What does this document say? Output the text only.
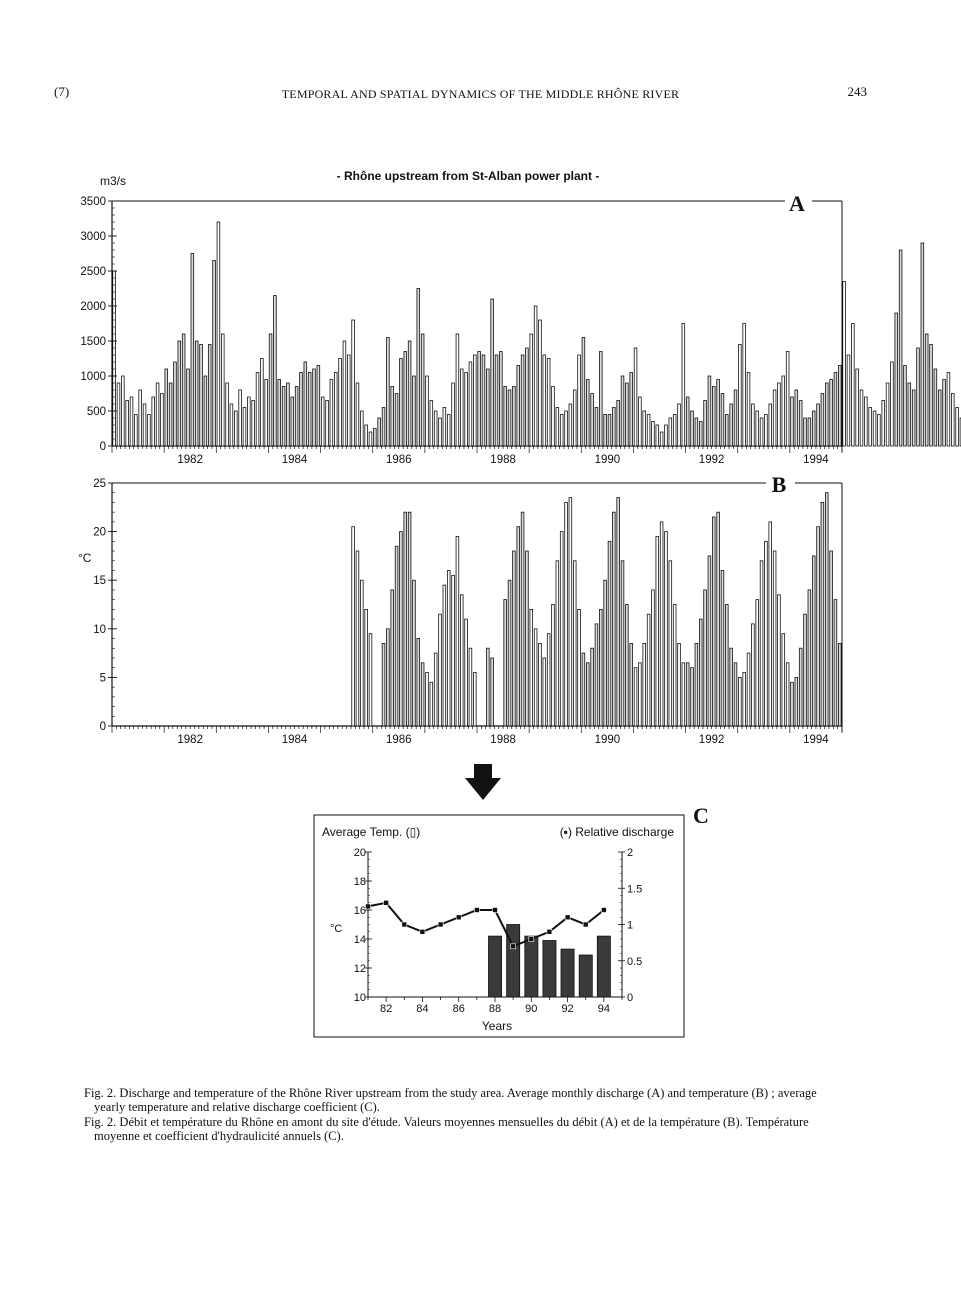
(7)	TEMPORAL AND SPATIAL DYNAMICS OF THE MIDDLE RHÔNE RIVER	243
m3/s	- Rhône upstream from St-Alban power plant -
A
1982	1984	1986	1988	1990	1992	1994
0
500
1000
1500
2000
2500
3000
3500
°C
B
1982	1984	1986	1988	1990	1992	1994
0
5
10
15
20
25
C
Average Temp. (▯)	(▪) Relative discharge
°C
Years
10
12
14
16
18
20
0
0.5
1
1.5
2
82 84 86 88 90 92 94

Fig. 2. Discharge and temperature of the Rhône River upstream from the study area. Average monthly discharge (A) and temperature (B) ; average yearly temperature and relative discharge coefficient (C).

Fig. 2. Débit et température du Rhône en amont du site d'étude. Valeurs moyennes mensuelles du débit (A) et de la température (B). Température moyenne et coefficient d'hydraulicité annuels (C).
